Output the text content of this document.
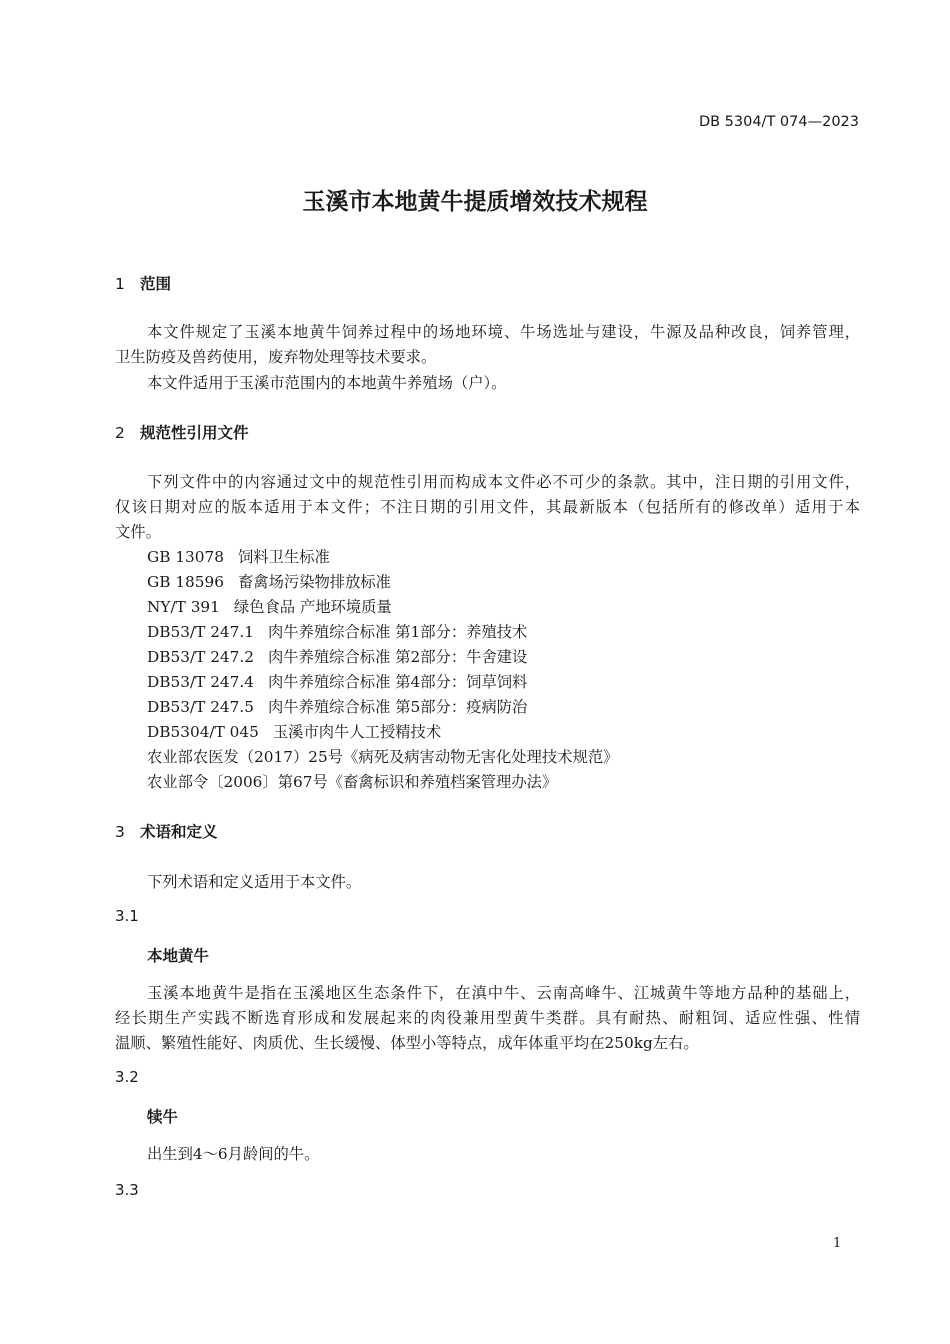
DB 5304/T 074—2023
玉溪市本地黄牛提质增效技术规程
1 范围
本文件规定了玉溪本地黄牛饲养过程中的场地环境、牛场选址与建设，牛源及品种改良，饲养管理，
卫生防疫及兽药使用，废弃物处理等技术要求。
本文件适用于玉溪市范围内的本地黄牛养殖场（户）。
2 规范性引用文件
下列文件中的内容通过文中的规范性引用而构成本文件必不可少的条款。其中，注日期的引用文件，
仅该日期对应的版本适用于本文件；不注日期的引用文件，其最新版本（包括所有的修改单）适用于本
文件。
GB 13078 饲料卫生标准
GB 18596 畜禽场污染物排放标准
NY/T 391 绿色食品 产地环境质量
DB53/T 247.1 肉牛养殖综合标准 第1部分：养殖技术
DB53/T 247.2 肉牛养殖综合标准 第2部分：牛舍建设
DB53/T 247.4 肉牛养殖综合标准 第4部分：饲草饲料
DB53/T 247.5 肉牛养殖综合标准 第5部分：疫病防治
DB5304/T 045 玉溪市肉牛人工授精技术
农业部农医发（2017）25号《病死及病害动物无害化处理技术规范》
农业部令〔2006〕第67号《畜禽标识和养殖档案管理办法》
3 术语和定义
下列术语和定义适用于本文件。
3.1
本地黄牛
玉溪本地黄牛是指在玉溪地区生态条件下，在滇中牛、云南高峰牛、江城黄牛等地方品种的基础上，
经长期生产实践不断选育形成和发展起来的肉役兼用型黄牛类群。具有耐热、耐粗饲、适应性强、性情
温顺、繁殖性能好、肉质优、生长缓慢、体型小等特点，成年体重平均在250kg左右。
3.2
犊牛
出生到4～6月龄间的牛。
3.3
1
